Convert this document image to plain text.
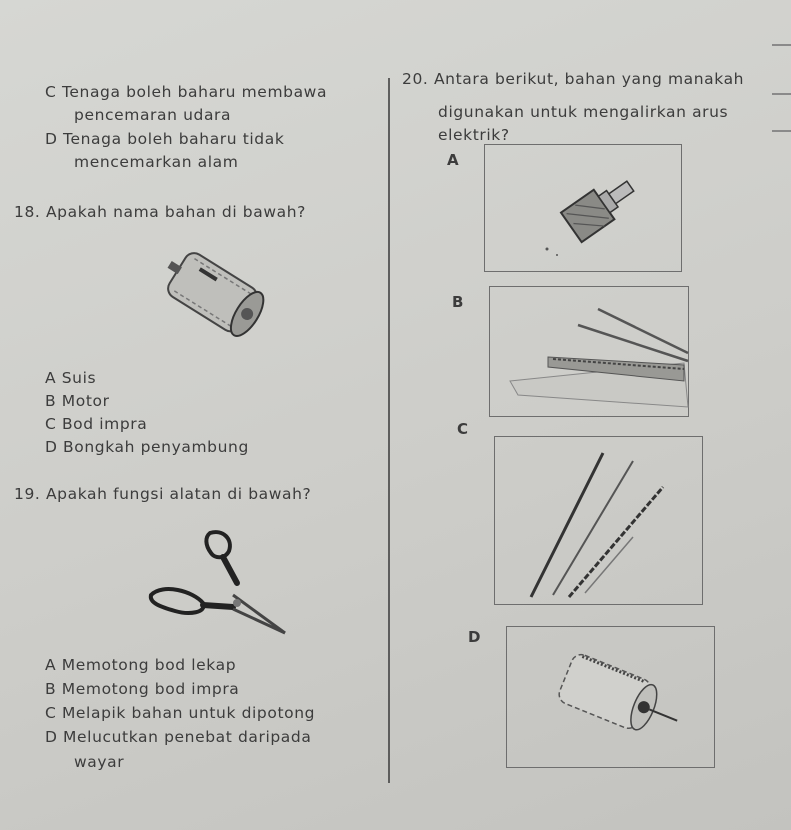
C Tenaga boleh baharu membawa
pencemaran udara
D Tenaga boleh baharu tidak
mencemarkan alam
18. Apakah nama bahan di bawah?
A Suis
B Motor
C Bod impra
D Bongkah penyambung
19. Apakah fungsi alatan di bawah?
A Memotong bod lekap
B Memotong bod impra
C Melapik bahan untuk dipotong
D Melucutkan penebat daripada
wayar
20. Antara berikut, bahan yang manakah
digunakan untuk mengalirkan arus
elektrik?
A
B
C
D
